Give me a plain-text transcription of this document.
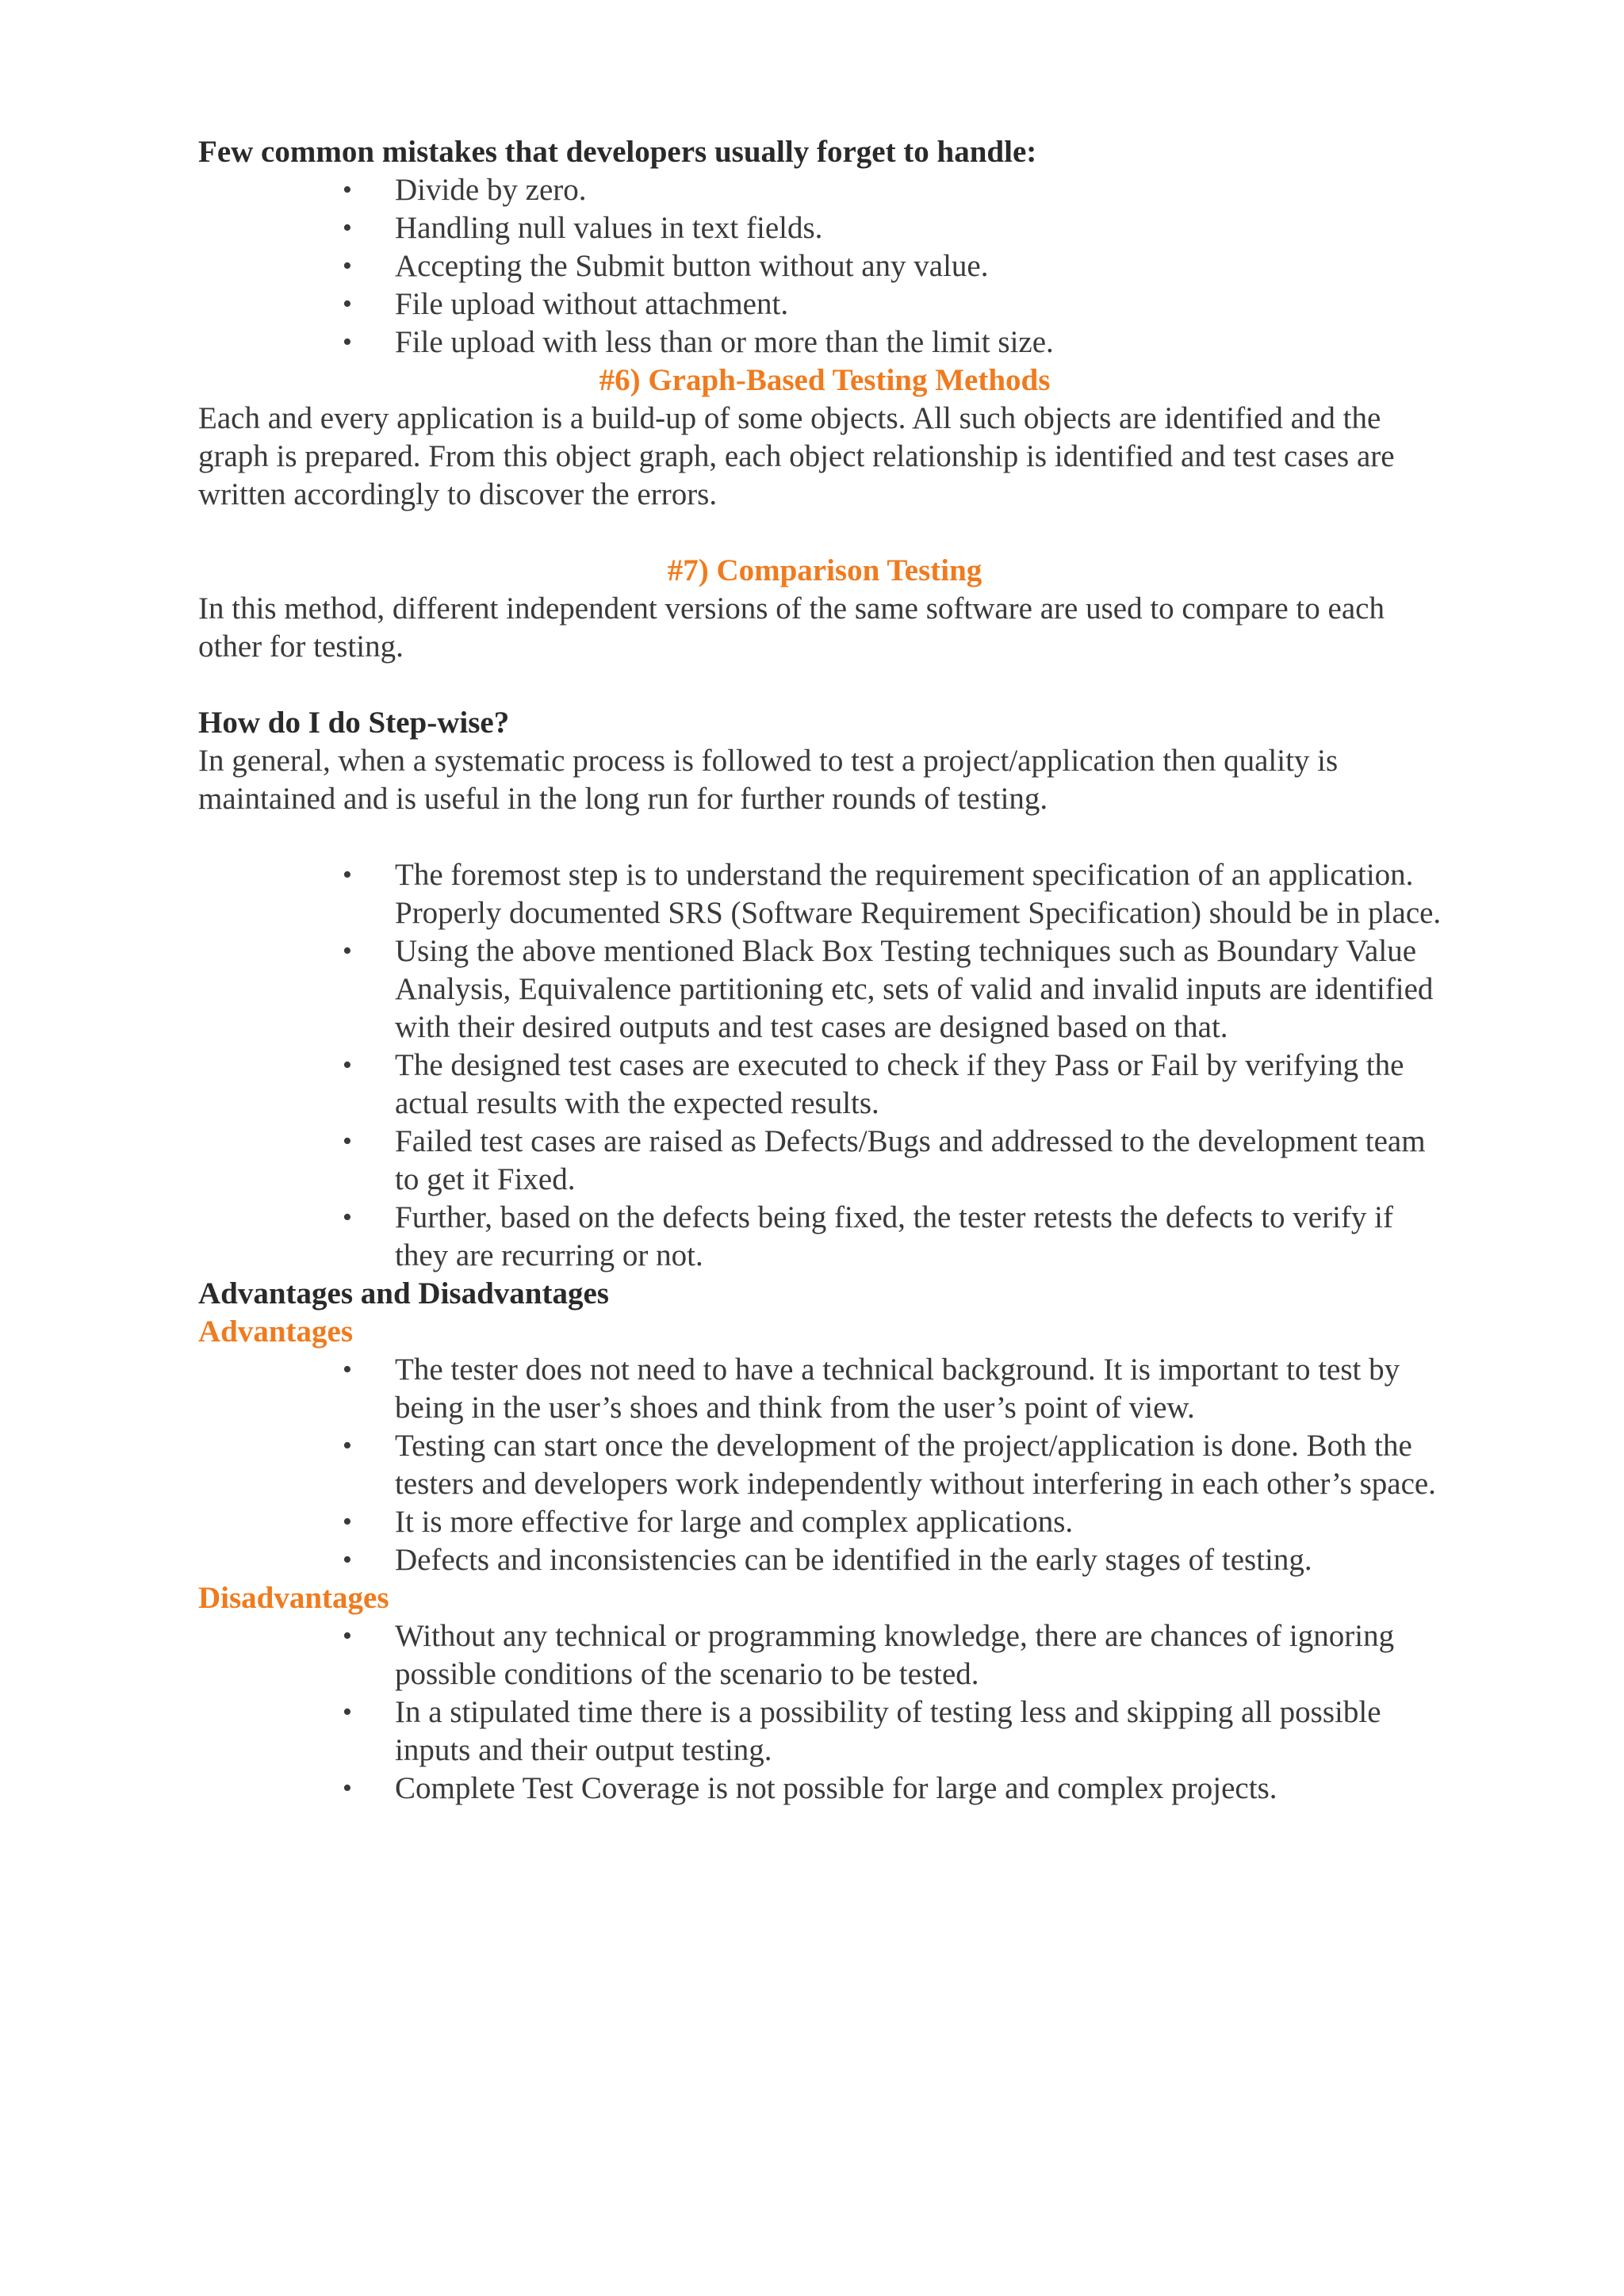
Few common mistakes that developers usually forget to handle:

• Divide by zero.
• Handling null values in text fields.
• Accepting the Submit button without any value.
• File upload without attachment.
• File upload with less than or more than the limit size.

#6) Graph-Based Testing Methods

Each and every application is a build-up of some objects. All such objects are identified and the graph is prepared. From this object graph, each object relationship is identified and test cases are written accordingly to discover the errors.

#7) Comparison Testing

In this method, different independent versions of the same software are used to compare to each other for testing.

How do I do Step-wise?

In general, when a systematic process is followed to test a project/application then quality is maintained and is useful in the long run for further rounds of testing.

• The foremost step is to understand the requirement specification of an application. Properly documented SRS (Software Requirement Specification) should be in place.
• Using the above mentioned Black Box Testing techniques such as Boundary Value Analysis, Equivalence partitioning etc, sets of valid and invalid inputs are identified with their desired outputs and test cases are designed based on that.
• The designed test cases are executed to check if they Pass or Fail by verifying the actual results with the expected results.
• Failed test cases are raised as Defects/Bugs and addressed to the development team to get it Fixed.
• Further, based on the defects being fixed, the tester retests the defects to verify if they are recurring or not.

Advantages and Disadvantages

Advantages

• The tester does not need to have a technical background. It is important to test by being in the user’s shoes and think from the user’s point of view.
• Testing can start once the development of the project/application is done. Both the testers and developers work independently without interfering in each other’s space.
• It is more effective for large and complex applications.
• Defects and inconsistencies can be identified in the early stages of testing.

Disadvantages

• Without any technical or programming knowledge, there are chances of ignoring possible conditions of the scenario to be tested.
• In a stipulated time there is a possibility of testing less and skipping all possible inputs and their output testing.
• Complete Test Coverage is not possible for large and complex projects.
